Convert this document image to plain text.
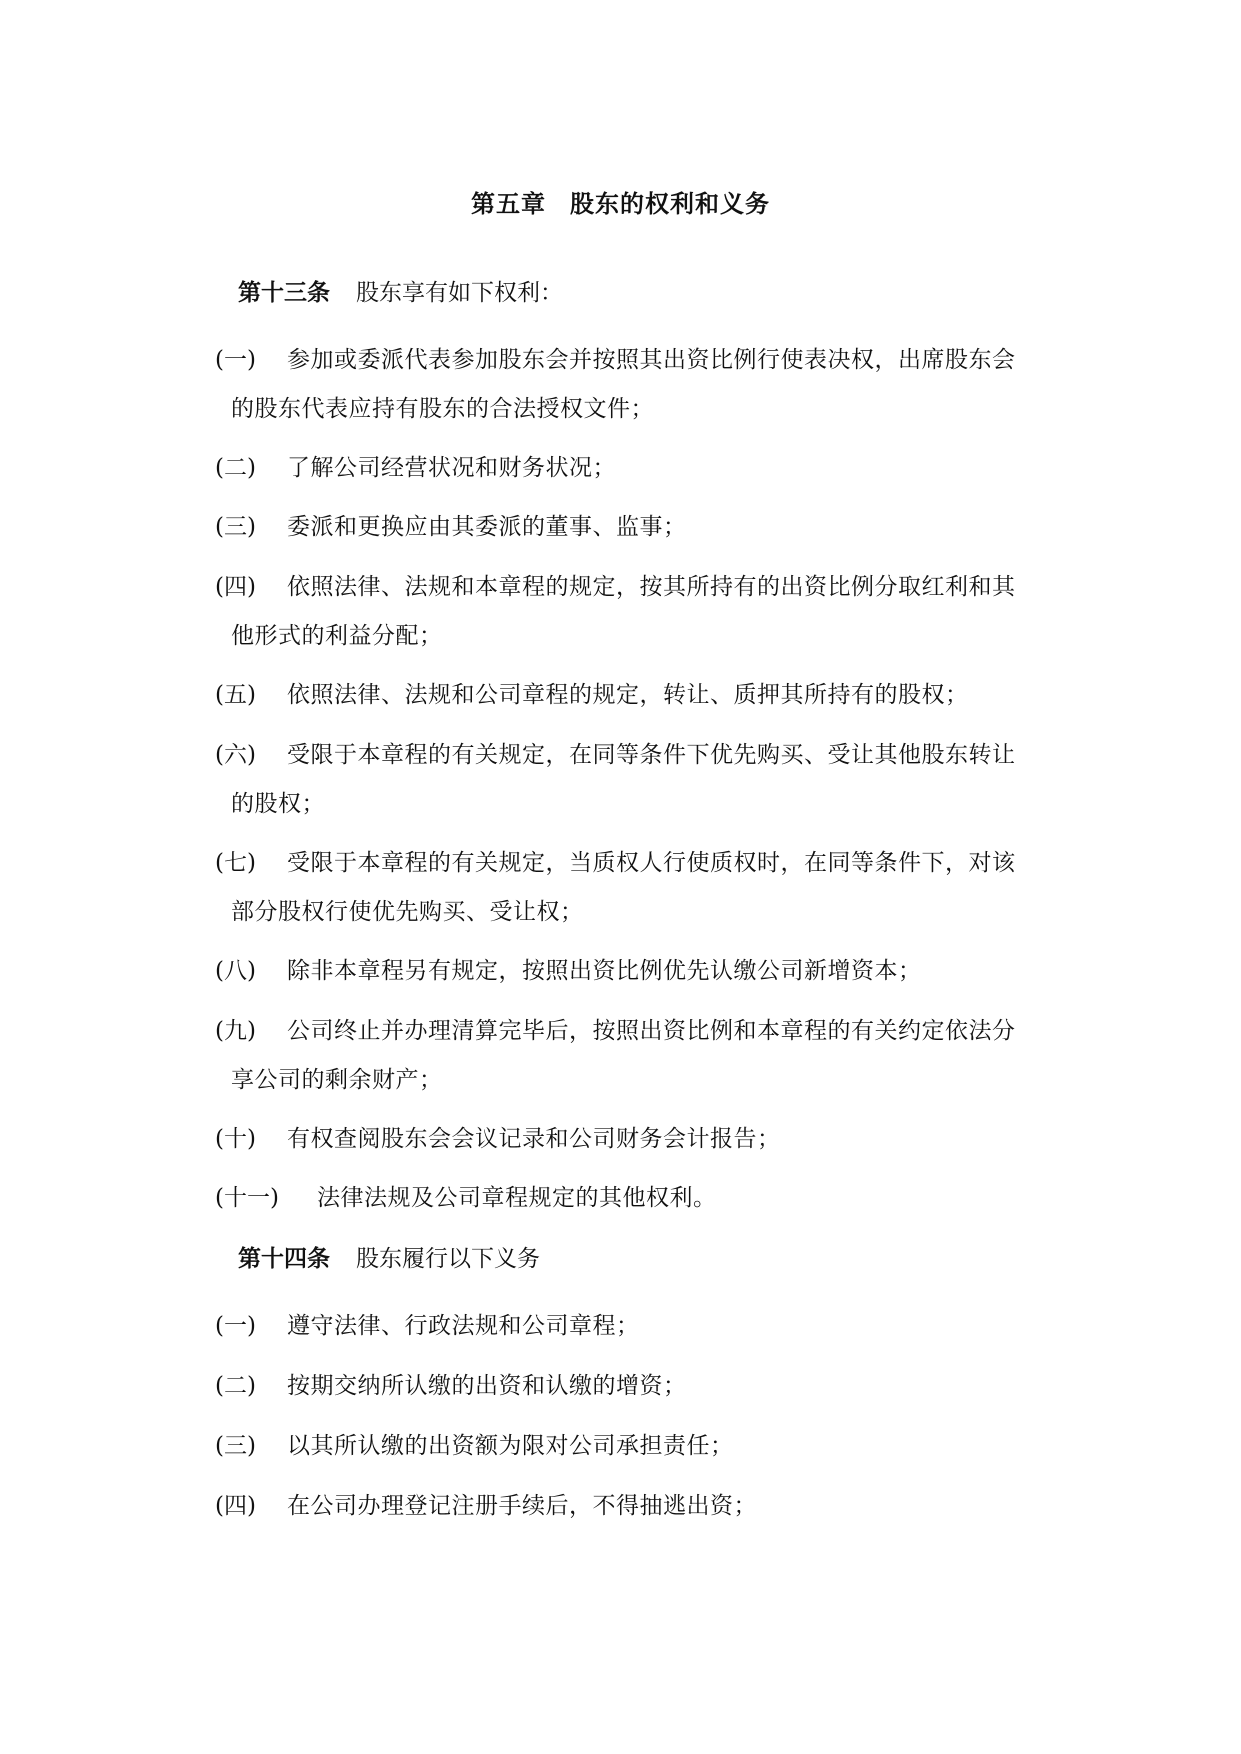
第五章 股东的权利和义务
第十三条 股东享有如下权利：
(一) 参加或委派代表参加股东会并按照其出资比例行使表决权，出席股东会
的股东代表应持有股东的合法授权文件；
(二) 了解公司经营状况和财务状况；
(三) 委派和更换应由其委派的董事、监事；
(四) 依照法律、法规和本章程的规定，按其所持有的出资比例分取红利和其
他形式的利益分配；
(五) 依照法律、法规和公司章程的规定，转让、质押其所持有的股权；
(六) 受限于本章程的有关规定，在同等条件下优先购买、受让其他股东转让
的股权；
(七) 受限于本章程的有关规定，当质权人行使质权时，在同等条件下，对该
部分股权行使优先购买、受让权；
(八) 除非本章程另有规定，按照出资比例优先认缴公司新增资本；
(九) 公司终止并办理清算完毕后，按照出资比例和本章程的有关约定依法分
享公司的剩余财产；
(十) 有权查阅股东会会议记录和公司财务会计报告；
(十一) 法律法规及公司章程规定的其他权利。
第十四条 股东履行以下义务
(一) 遵守法律、行政法规和公司章程；
(二) 按期交纳所认缴的出资和认缴的增资；
(三) 以其所认缴的出资额为限对公司承担责任；
(四) 在公司办理登记注册手续后，不得抽逃出资；
